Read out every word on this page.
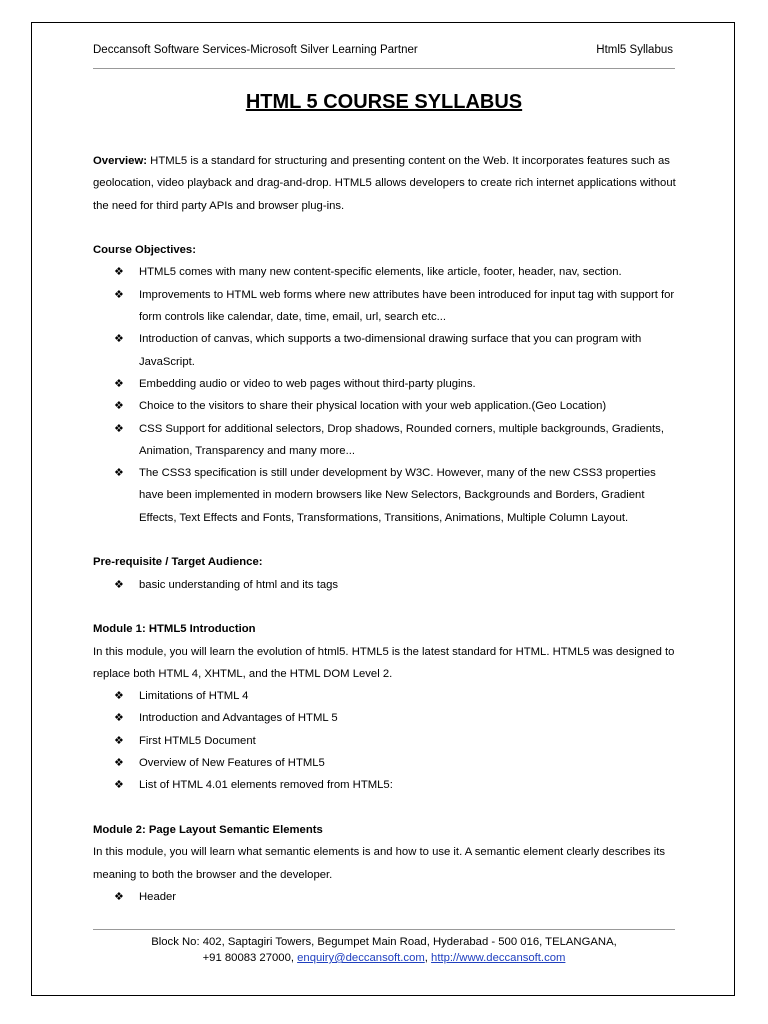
Deccansoft Software Services-Microsoft Silver Learning Partner	Html5 Syllabus
HTML 5 COURSE SYLLABUS

Overview: HTML5 is a standard for structuring and presenting content on the Web. It incorporates features such as geolocation, video playback and drag-and-drop. HTML5 allows developers to create rich internet applications without the need for third party APIs and browser plug-ins.

Course Objectives:

❖ HTML5 comes with many new content-specific elements, like article, footer, header, nav, section.
❖ Improvements to HTML web forms where new attributes have been introduced for input tag with support for form controls like calendar, date, time, email, url, search etc...
❖ Introduction of canvas, which supports a two-dimensional drawing surface that you can program with JavaScript.
❖ Embedding audio or video to web pages without third-party plugins.
❖ Choice to the visitors to share their physical location with your web application.(Geo Location)
❖ CSS Support for additional selectors, Drop shadows, Rounded corners, multiple backgrounds, Gradients, Animation, Transparency and many more...
❖ The CSS3 specification is still under development by W3C. However, many of the new CSS3 properties have been implemented in modern browsers like New Selectors, Backgrounds and Borders, Gradient Effects, Text Effects and Fonts, Transformations, Transitions, Animations, Multiple Column Layout.

Pre-requisite / Target Audience:

❖ basic understanding of html and its tags

Module 1: HTML5 Introduction

In this module, you will learn the evolution of html5. HTML5 is the latest standard for HTML. HTML5 was designed to replace both HTML 4, XHTML, and the HTML DOM Level 2.

❖ Limitations of HTML 4
❖ Introduction and Advantages of HTML 5
❖ First HTML5 Document
❖ Overview of New Features of HTML5
❖ List of HTML 4.01 elements removed from HTML5:

Module 2: Page Layout Semantic Elements

In this module, you will learn what semantic elements is and how to use it. A semantic element clearly describes its meaning to both the browser and the developer.

❖ Header
Block No: 402, Saptagiri Towers, Begumpet Main Road, Hyderabad - 500 016, TELANGANA,
+91 80083 27000, enquiry@deccansoft.com, http://www.deccansoft.com
